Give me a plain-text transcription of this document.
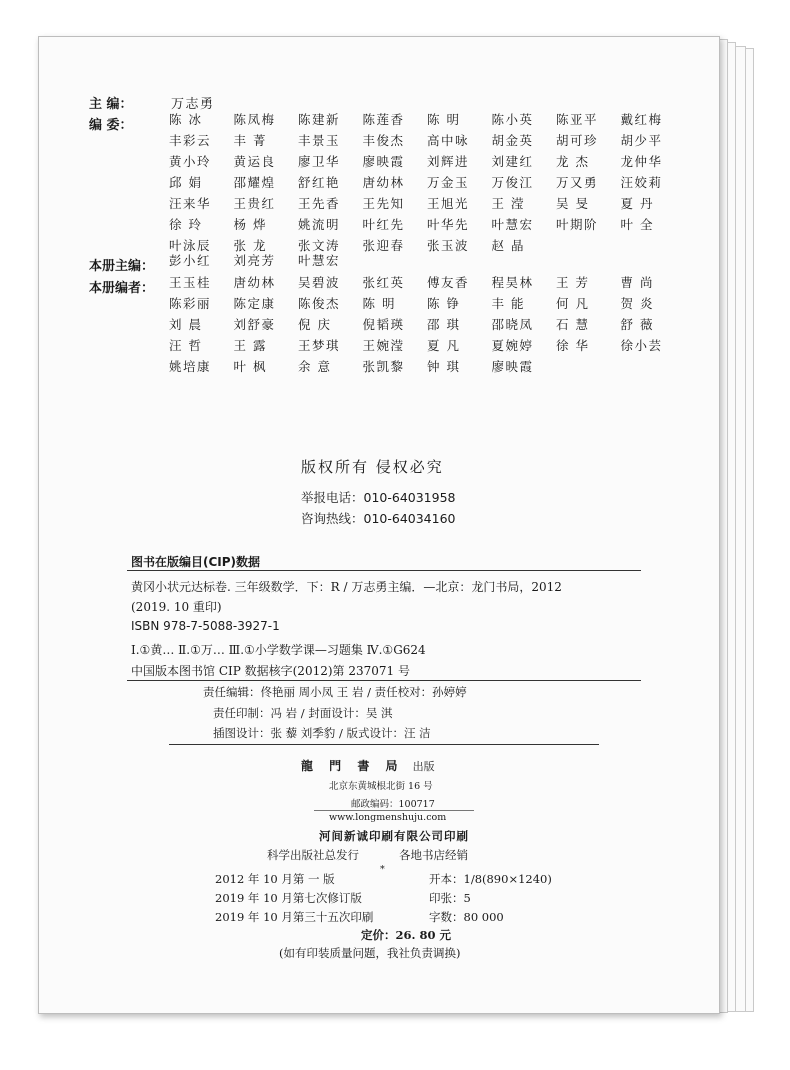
主 编：	万志勇
编 委：	陈 冰	陈凤梅	陈建新	陈莲香	陈 明	陈小英	陈亚平	戴红梅
丰彩云	丰 菁	丰景玉	丰俊杰	高中咏	胡金英	胡可珍	胡少平
黄小玲	黄运良	廖卫华	廖映霞	刘辉进	刘建红	龙 杰	龙仲华
邱 娟	邵耀煌	舒红艳	唐幼林	万金玉	万俊江	万又勇	汪姣莉
汪来华	王贵红	王先香	王先知	王旭光	王 滢	吴 旻	夏 丹
徐 玲	杨 烨	姚流明	叶红先	叶华先	叶慧宏	叶期阶	叶 全
叶泳辰	张 龙	张文涛	张迎春	张玉波	赵 晶
本册主编： 彭小红	刘亮芳	叶慧宏
本册编者： 王玉桂	唐幼林	吴碧波	张红英	傅友香	程昊林	王 芳	曹 尚
陈彩丽	陈定康	陈俊杰	陈 明	陈 铮	丰 能	何 凡	贺 炎
刘 晨	刘舒豪	倪 庆	倪韬瑛	邵 琪	邵晓凤	石 慧	舒 薇
汪 哲	王 露	王梦琪	王婉滢	夏 凡	夏婉婷	徐 华	徐小芸
姚培康	叶 枫	余 意	张凯黎	钟 琪	廖映霞
版权所有 侵权必究
举报电话：010-64031958
咨询热线：010-64034160
图书在版编目(CIP)数据
黄冈小状元达标卷. 三年级数学．下：R / 万志勇主编．—北京：龙门书局，2012
(2019. 10 重印)
ISBN 978-7-5088-3927-1
Ⅰ.①黄… Ⅱ.①万… Ⅲ.①小学数学课—习题集 Ⅳ.①G624
中国版本图书馆 CIP 数据核字(2012)第 237071 号
责任编辑：佟艳丽 周小凤 王 岩 / 责任校对：孙婷婷
责任印制：冯 岩 / 封面设计：吴 淇
插图设计：张 藜 刘季豹 / 版式设计：汪 洁
龍 門 書 局 出版
北京东黄城根北街 16 号
邮政编码：100717
www.longmenshuju.com
河间新诚印刷有限公司印刷
科学出版社总发行	各地书店经销
*
2012 年 10 月第 一 版	开本：1/8(890×1240)
2019 年 10 月第七次修订版	印张：5
2019 年 10 月第三十五次印刷	字数：80 000
定价：26. 80 元
(如有印装质量问题，我社负责调换)
